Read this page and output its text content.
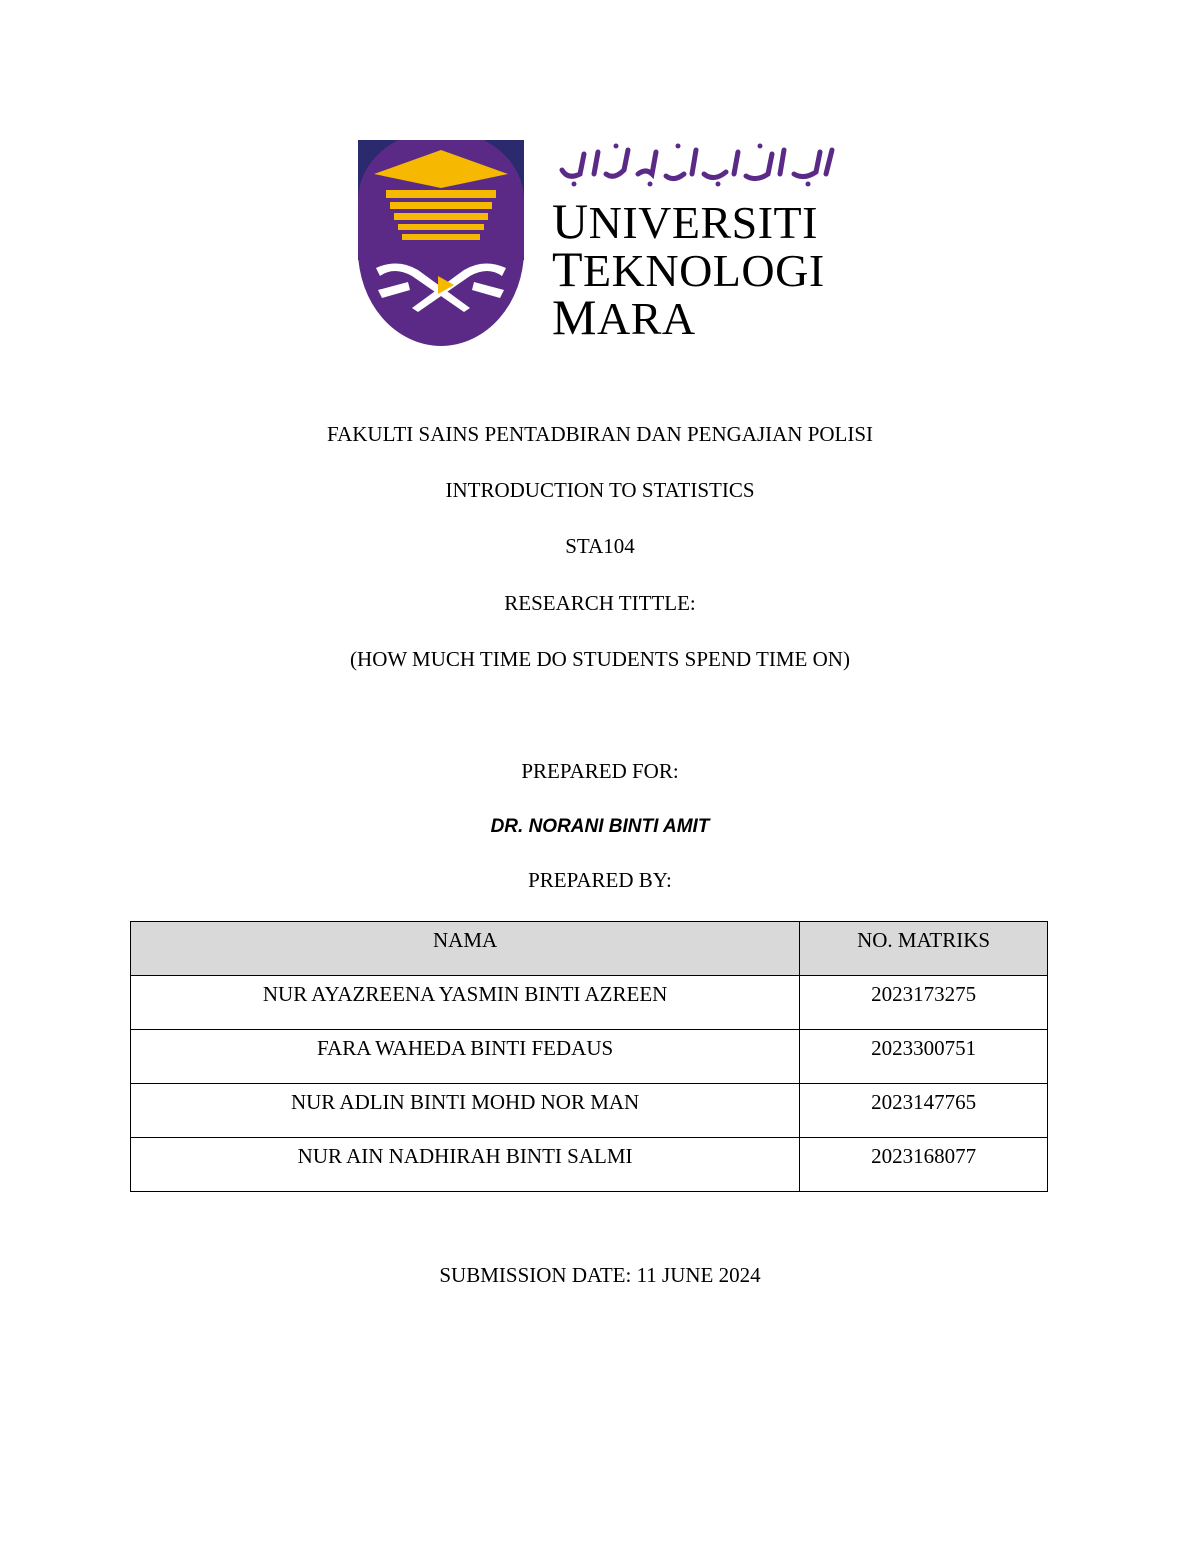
UNIVERSITI
TEKNOLOGI
MARA
FAKULTI SAINS PENTADBIRAN DAN PENGAJIAN POLISI
INTRODUCTION TO STATISTICS
STA104
RESEARCH TITTLE:
(HOW MUCH TIME DO STUDENTS SPEND TIME ON)
PREPARED FOR:
DR. NORANI BINTI AMIT
PREPARED BY:
NAMA	NO. MATRIKS
NUR AYAZREENA YASMIN BINTI AZREEN	2023173275
FARA WAHEDA BINTI FEDAUS	2023300751
NUR ADLIN BINTI MOHD NOR MAN	2023147765
NUR AIN NADHIRAH BINTI SALMI	2023168077
SUBMISSION DATE: 11 JUNE 2024
